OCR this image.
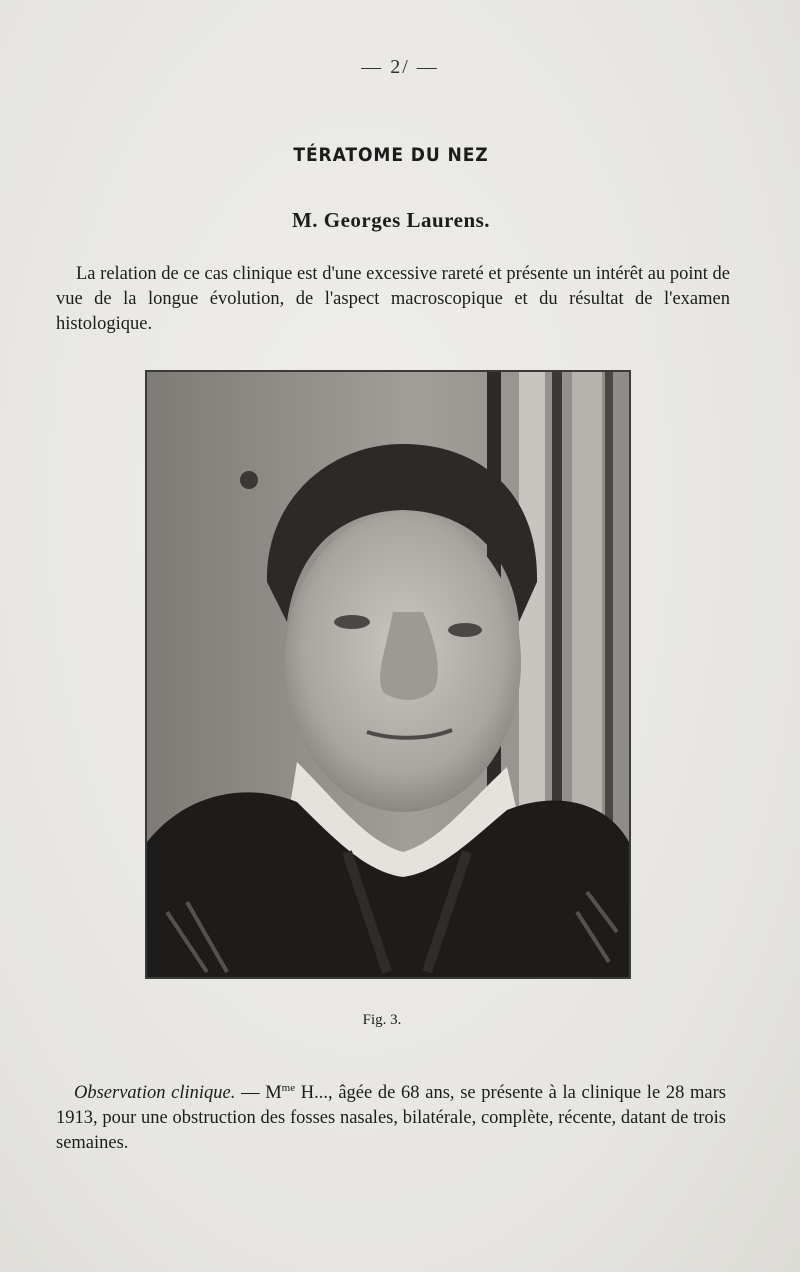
— 2/ —
TÉRATOME DU NEZ
M. Georges Laurens.

La relation de ce cas clinique est d'une excessive rareté et présente un intérêt au point de vue de la longue évolution, de l'aspect macroscopique et du résultat de l'examen histologique.

Fig. 3.

Observation clinique. — $M^{me}$ H..., âgée de 68 ans, se présente à la clinique le 28 mars 1913, pour une obstruction des fosses nasales, bilatérale, complète, récente, datant de trois semaines.
